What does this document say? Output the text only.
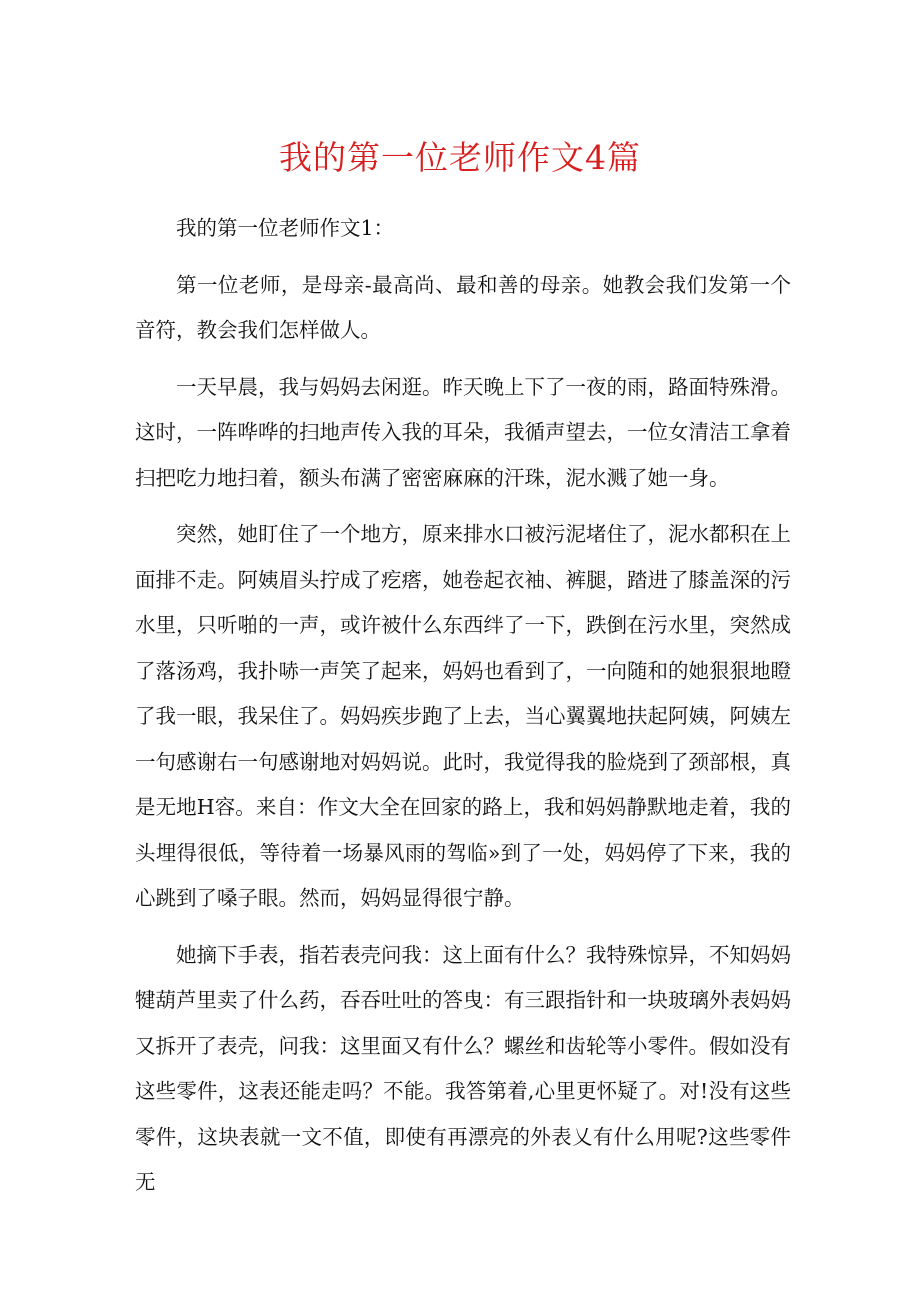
我的第一位老师作文4篇

我的第一位老师作文1：

第一位老师，是母亲-最高尚、最和善的母亲。她教会我们发第一个音符，教会我们怎样做人。

一天早晨，我与妈妈去闲逛。昨天晚上下了一夜的雨，路面特殊滑。这时，一阵哗哗的扫地声传入我的耳朵，我循声望去，一位女清洁工拿着扫把吃力地扫着，额头布满了密密麻麻的汗珠，泥水溅了她一身。

突然，她盯住了一个地方，原来排水口被污泥堵住了，泥水都积在上面排不走。阿姨眉头拧成了疙瘩，她卷起衣袖、裤腿，踏进了膝盖深的污水里，只听啪的一声，或许被什么东西绊了一下，跌倒在污水里，突然成了落汤鸡，我扑哧一声笑了起来，妈妈也看到了，一向随和的她狠狠地瞪了我一眼，我呆住了。妈妈疾步跑了上去，当心翼翼地扶起阿姨，阿姨左一句感谢右一句感谢地对妈妈说。此时，我觉得我的脸烧到了颈部根，真是无地H容。来自：作文大全在回家的路上，我和妈妈静默地走着，我的头埋得很低，等待着一场暴风雨的驾临»到了一处，妈妈停了下来，我的心跳到了嗓子眼。然而，妈妈显得很宁静。

她摘下手表，指若表壳问我：这上面有什么？我特殊惊异，不知妈妈犍葫芦里卖了什么药，吞吞吐吐的答曳：有三跟指针和一块玻璃外表妈妈又拆开了表壳，问我：这里面又有什么？螺丝和齿轮等小零件。假如没有这些零件，这表还能走吗？不能。我答第着,心里更怀疑了。对!没有这些零件，这块表就一文不值，即使有再漂亮的外表乂有什么用呢?这些零件无
